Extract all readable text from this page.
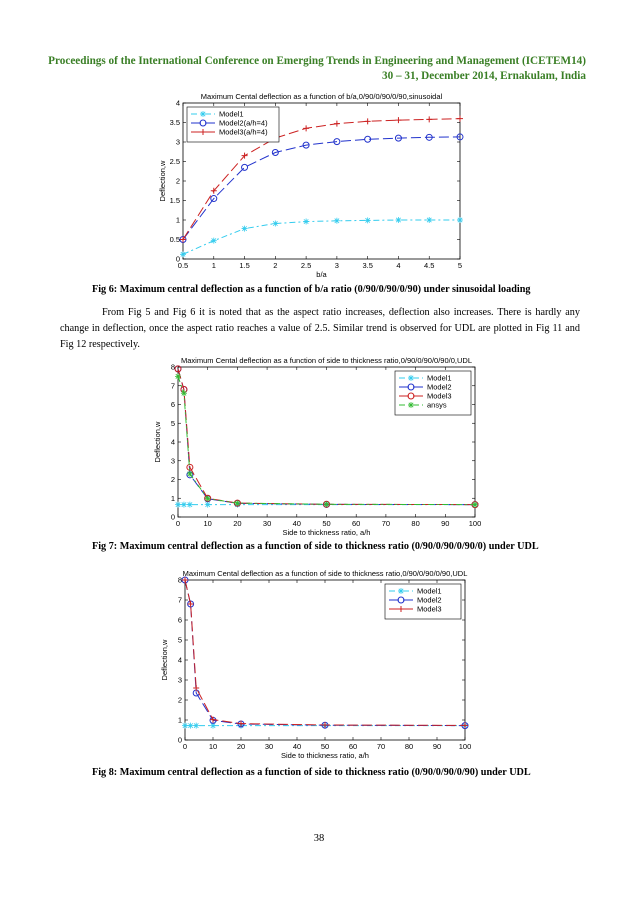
Proceedings of the International Conference on Emerging Trends in Engineering and Management (ICETEM14)
30 – 31, December 2014, Ernakulam, India
0.5	1	1.5	2	2.5	3	3.5	4	4.5	5
0
0.5
1
1.5
2
2.5
3
3.5
4
Maximum Cental deflection as a function of b/a,0/90/0/90/0/90,sinusoidal
b/a
Deflection,w
Model1
Model2(a/h=4)
Model3(a/h=4)
Fig 6: Maximum central deflection as a function of b/a ratio (0/90/0/90/0/90) under sinusoidal loading
From Fig 5 and Fig 6 it is noted that as the aspect ratio increases, deflection also increases. There is hardly any change in deflection, once the aspect ratio reaches a value of 2.5. Similar trend is observed for UDL are plotted in Fig 11 and Fig 12 respectively.
0	10	20	30	40	50	60	70	80	90	100
0
1
2
3
4
5
6
7
8
Maximum Cental deflection as a function of side to thickness ratio,0/90/0/90/0/90/0,UDL
Side to thickness ratio, a/h
Deflection,w
Model1
Model2
Model3
ansys
Fig 7: Maximum central deflection as a function of side to thickness ratio (0/90/0/90/0/90/0) under UDL
0	10	20	30	40	50	60	70	80	90 100
0
1
2
3
4
5
6
7
8
Maximum Cental deflection as a function of side to thickness ratio,0/90/0/90/0/90,UDL
Side to thickness ratio, a/h
Deflection,w
Model1
Model2
Model3
Fig 8: Maximum central deflection as a function of side to thickness ratio (0/90/0/90/0/90) under UDL
38
